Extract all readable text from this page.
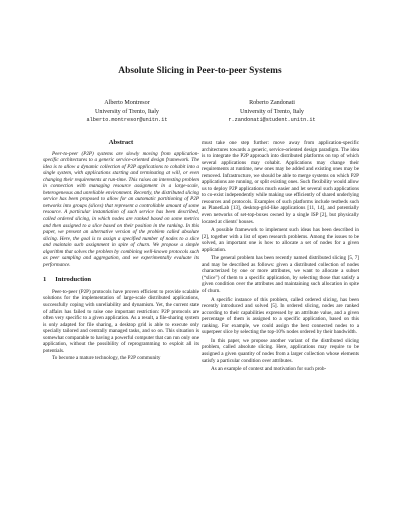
Absolute Slicing in Peer-to-peer Systems
Alberto Montresor
University of Trento, Italy
alberto.montresor@unitn.it
Roberto Zandonati
University of Trento, Italy
r.zandonati@student.unitn.it
Abstract

Peer-to-peer (P2P) systems are slowly moving from application-specific architectures to a generic service-oriented design framework. The idea is to allow a dynamic collection of P2P applications to cohabit into a single system, with applications starting and terminating at will, or even changing their requirements at run-time. This raises an interesting problem in connection with managing resource assignment in a large-scale, heterogeneous and unreliable environment. Recently, the distributed slicing service has been proposed to allow for an automatic partitioning of P2P networks into groups (slices) that represent a controllable amount of some resource. A particular instantiation of such service has been described, called ordered slicing, in which nodes are ranked based on some metrics and then assigned to a slice based on their position in the ranking. In this paper, we present an alternative version of the problem called absolute slicing. Here, the goal is to assign a specified number of nodes to a slice and maintain such assignment in spite of churn. We propose a simple algorithm that solves the problem by combining well-known protocols such as peer sampling and aggregation, and we experimentally evaluate its performance.

1 Introduction

Peer-to-peer (P2P) protocols have proven efficient to provide scalable solutions for the implementation of large-scale distributed applications, successfully coping with unreliability and dynamism. Yet, the current state of affairs has failed to raise one important restriction: P2P protocols are often very specific to a given application. As a result, a file-sharing system is only adapted for file sharing, a desktop grid is able to execute only specially tailored and centrally managed tasks, and so on. This situation is somewhat comparable to having a powerful computer that can run only one application, without the possibility of reprogramming to exploit all its potentials.

To become a mature technology, the P2P community

must take one step further: move away from application-specific architectures towards a generic, service-oriented design paradigm. The idea is to integrate the P2P approach into distributed platforms on top of which several applications may cohabit. Applications may change their requirements at runtime, new ones may be added and existing ones may be removed. Infrastructure, we should be able to merge systems on which P2P applications are running, or split existing ones. Such flexibility would allow us to deploy P2P applications much easier and let several such applications to co-exist independently while making use efficiently of shared underlying resources and protocols. Examples of such platforms include testbeds such as PlanetLab [13], desktop-grid-like applications [11, 14], and potentially even networks of set-top-boxes owned by a single ISP [2], but physically located at clients' houses.

A possible framework to implement such ideas has been described in [2], together with a list of open research problems. Among the issues to be solved, an important one is how to allocate a set of nodes for a given application.

The general problem has been recently named distributed slicing [5, 7] and may be described as follows: given a distributed collection of nodes characterized by one or more attributes, we want to allocate a subset (“slice”) of them to a specific application, by selecting those that satisfy a given condition over the attributes and maintaining such allocation in spite of churn.

A specific instance of this problem, called ordered slicing, has been recently introduced and solved [5]. In ordered slicing, nodes are ranked according to their capabilities expressed by an attribute value, and a given percentage of them is assigned to a specific application, based on this ranking. For example, we could assign the best connected nodes to a superpeer slice by selecting the top-10% nodes ordered by their bandwidth.

In this paper, we propose another variant of the distributed slicing problem, called absolute slicing. Here, applications may require to be assigned a given quantity of nodes from a larger collection whose elements satisfy a particular condition over attributes.

As an example of context and motivation for such prob-
